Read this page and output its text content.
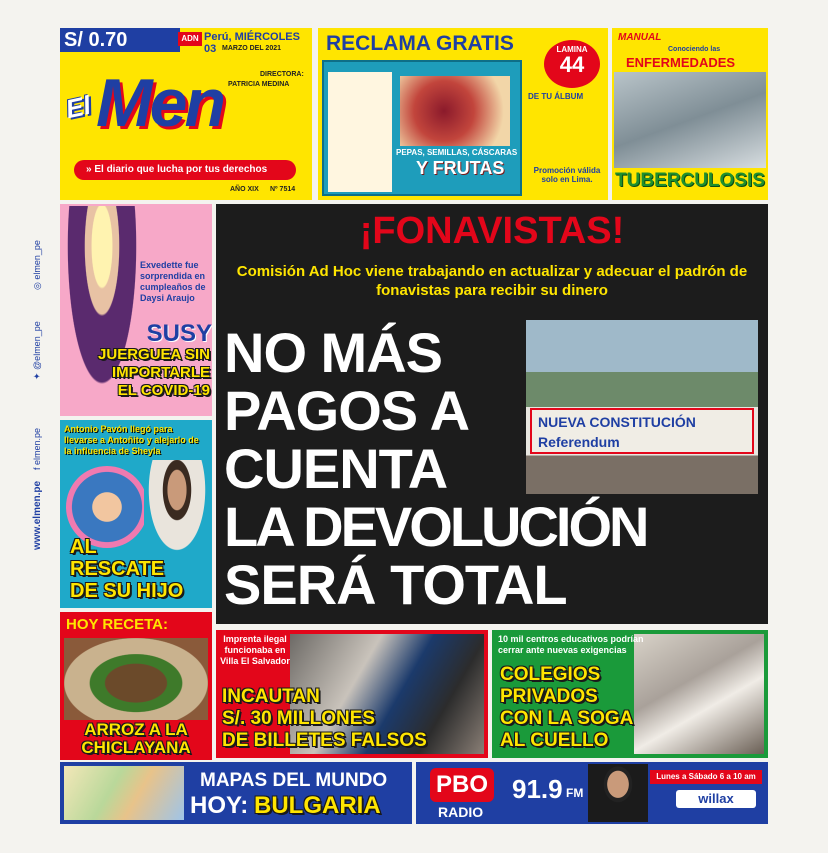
S/ 0.70	ADN Perú, MIÉRCOLES 03 MARZO DEL 2021
DIRECTORA:
PATRICIA MEDINA
El Men
» El diario que lucha por tus derechos
AÑO XIX Nº 7514
RECLAMA GRATIS
PEPAS, SEMILLAS, CÁSCARAS
Y FRUTAS
LAMINA
44
DE TU ÁLBUM
Promoción válida solo en Lima.
MANUAL
Conociendo las
ENFERMEDADES
TUBERCULOSIS
www.elmen.pe
f elmen.pe
✦ @elmen_pe
◎ elmen_pe	Exvedette fue sorprendida en cumpleaños de Daysi Araujo
SUSY
JUERGUEA SIN
IMPORTARLE
EL COVID-19
Antonio Pavón llegó para llevarse a Antoñito y alejarlo de la influencia de Sheyla
AL
RESCATE
DE SU HIJO
¡FONAVISTAS!
Comisión Ad Hoc viene trabajando en actualizar y adecuar el padrón de fonavistas para recibir su dinero
NUEVA CONSTITUCIÓN Referendum
NO MÁS
PAGOS A
CUENTA
LA DEVOLUCIÓN
SERÁ TOTAL
HOY RECETA:
ARROZ A LA
CHICLAYANA
Imprenta ilegal funcionaba en Villa El Salvador
INCAUTAN
S/. 30 MILLONES
DE BILLETES FALSOS
10 mil centros educativos podrían cerrar ante nuevas exigencias
COLEGIOS
PRIVADOS
CON LA SOGA
AL CUELLO
MAPAS DEL MUNDO
HOY: BULGARIA
PBO
RADIO
91.9 FM
Lunes a Sábado 6 a 10 am
willax
